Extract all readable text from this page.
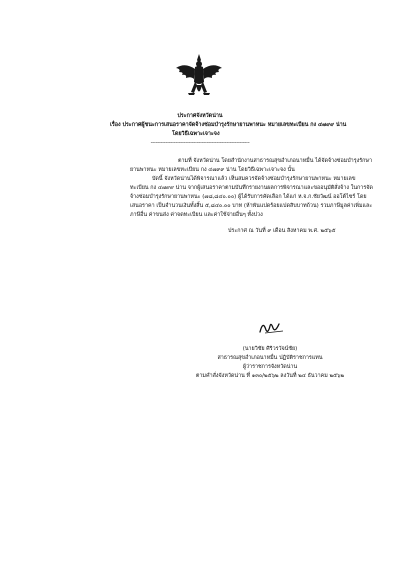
ประกาศจังหวัดน่าน
เรื่อง ประกาศผู้ชนะการเสนอราคาจัดจ้างซ่อมบำรุงรักษายานพาหนะ หมายเลขทะเบียน กง ๔๗๙๙ น่าน
โดยวิธีเฉพาะเจาะจง
------------------------------------------------------------
ตามที่ จังหวัดน่าน โดยสำนักงานสาธารณสุขอำเภอนาหมื่น ได้จัดจ้างซ่อมบำรุงรักษา
ยานพาหนะ หมายเลขทะเบียน กง ๔๗๙๙ น่าน โดยวิธีเฉพาะเจาะจง นั้น
บัดนี้ จังหวัดน่านได้พิจารณาแล้ว เห็นสมควรจัดจ้างซ่อมบำรุงรักษายานพาหนะ หมายเลข
ทะเบียน กง ๔๗๙๙ น่าน จากผู้เสนอราคาตามบันทึกรายงานผลการพิจารณาและขออนุมัติสั่งจ้าง ในการจัด
จ้างซ่อมบำรุงรักษายานพาหนะ (๗๘,๘๔๐.๐๐) ผู้ได้รับการคัดเลือก ได้แก่ ห.จ.ก.ชัยวัฒน์ ออโต้ไซร์ โดย
เสนอราคา เป็นจำนวนเงินทั้งสิ้น ๕,๘๔๐.๐๐ บาท (ห้าพันแปดร้อยแปดสิบบาทถ้วน) รวมภาษีมูลค่าเพิ่มและ
ภาษีอื่น ค่าขนส่ง ค่าจดทะเบียน และค่าใช้จ่ายอื่นๆ ทั้งปวง
ประกาศ ณ วันที่ ๙ เดือน สิงหาคม พ.ศ. ๒๕๖๕
(นายวิชัย ศิริวรวัจน์ชัย)
สาธารณสุขอำเภอนาหมื่น ปฏิบัติราชการแทน
ผู้ว่าราชการจังหวัดน่าน
ตามคำสั่งจังหวัดน่าน ที่ ๑๓๐/๒๕๖๒ ลงวันที่ ๒๔ ธันวาคม ๒๕๖๒
